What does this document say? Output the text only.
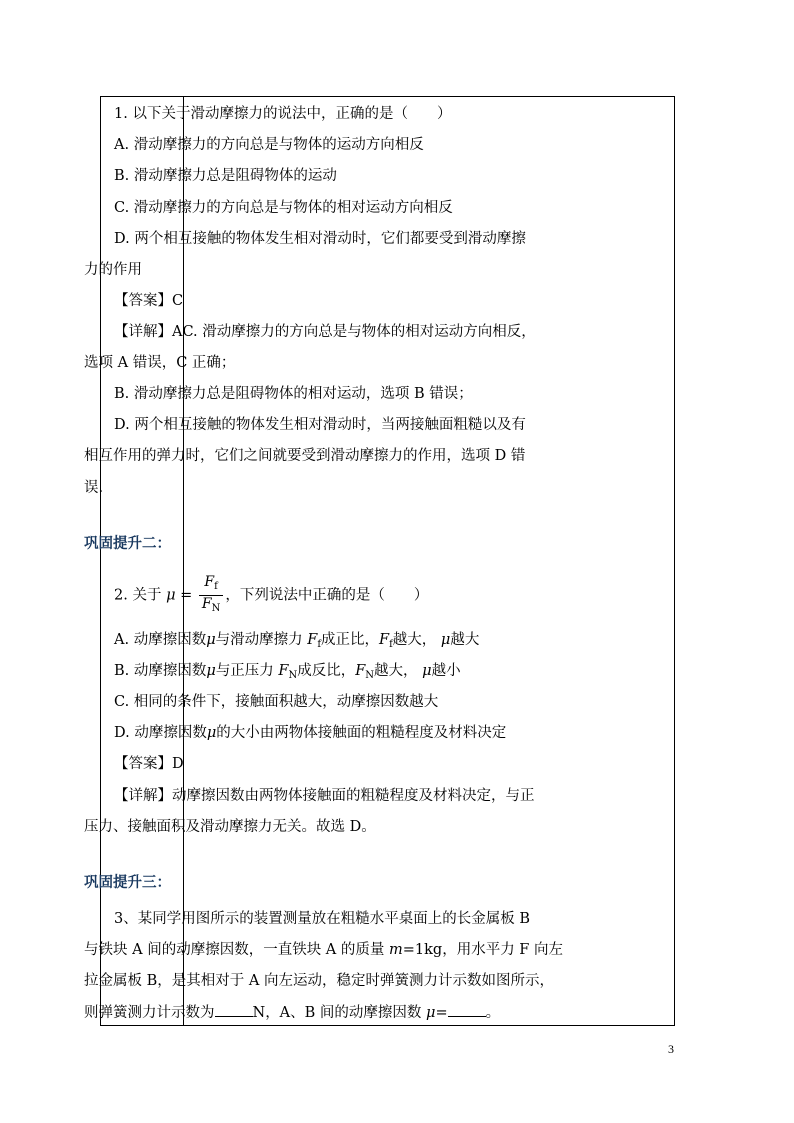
1. 以下关于滑动摩擦力的说法中，正确的是（　　）
A. 滑动摩擦力的方向总是与物体的运动方向相反
B. 滑动摩擦力总是阻碍物体的运动
C. 滑动摩擦力的方向总是与物体的相对运动方向相反
D. 两个相互接触的物体发生相对滑动时，它们都要受到滑动摩擦
力的作用
【答案】C
【详解】AC. 滑动摩擦力的方向总是与物体的相对运动方向相反，
选项 A 错误，C 正确；
B. 滑动摩擦力总是阻碍物体的相对运动，选项 B 错误；
D. 两个相互接触的物体发生相对滑动时，当两接触面粗糙以及有
相互作用的弹力时，它们之间就要受到滑动摩擦力的作用，选项 D 错
误.
巩固提升二：
2. 关于 $\mu = \frac{F_f}{F_N}$ ，下列说法中正确的是（　　）
A. 动摩擦因数μ与滑动摩擦力 $F_f$成正比，$F_f$越大， μ越大
B. 动摩擦因数μ与正压力 $F_N$成反比，$F_N$越大， μ越小
C. 相同的条件下，接触面积越大，动摩擦因数越大
D. 动摩擦因数μ的大小由两物体接触面的粗糙程度及材料决定
【答案】D
【详解】动摩擦因数由两物体接触面的粗糙程度及材料决定，与正
压力、接触面积及滑动摩擦力无关。故选 D。
巩固提升三：
3、某同学用图所示的装置测量放在粗糙水平桌面上的长金属板 B
与铁块 A 间的动摩擦因数，一直铁块 A 的质量 m=1kg，用水平力 F 向左
拉金属板 B，是其相对于 A 向左运动，稳定时弹簧测力计示数如图所示，
则弹簧测力计示数为	N，A、B 间的动摩擦因数 μ=	。
3
